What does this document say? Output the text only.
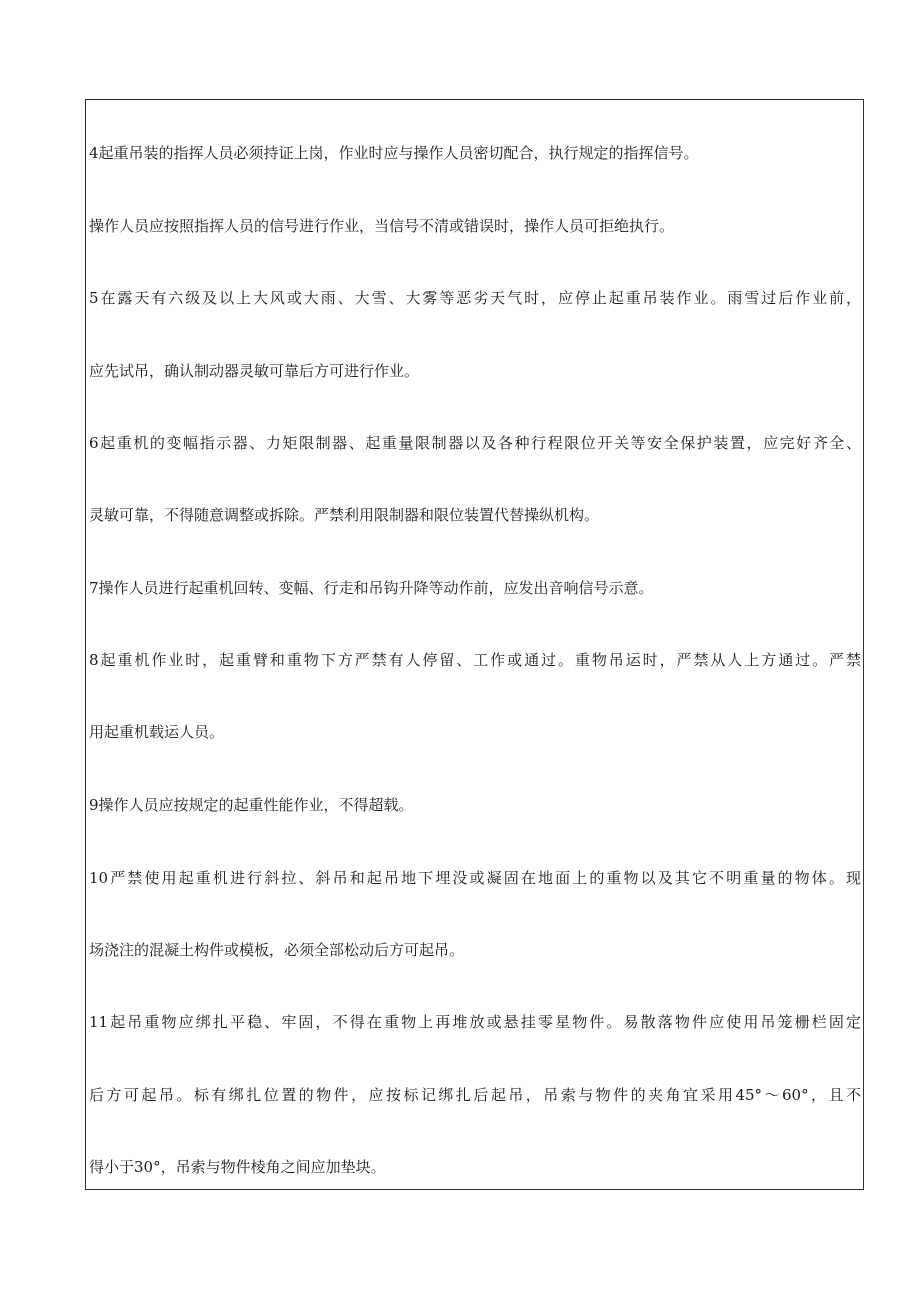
4起重吊装的指挥人员必须持证上岗，作业时应与操作人员密切配合，执行规定的指挥信号。
操作人员应按照指挥人员的信号进行作业，当信号不清或错误时，操作人员可拒绝执行。
5在露天有六级及以上大风或大雨、大雪、大雾等恶劣天气时，应停止起重吊装作业。雨雪过后作业前，
应先试吊，确认制动器灵敏可靠后方可进行作业。
6起重机的变幅指示器、力矩限制器、起重量限制器以及各种行程限位开关等安全保护装置，应完好齐全、
灵敏可靠，不得随意调整或拆除。严禁利用限制器和限位装置代替操纵机构。
7操作人员进行起重机回转、变幅、行走和吊钩升降等动作前，应发出音响信号示意。
8起重机作业时，起重臂和重物下方严禁有人停留、工作或通过。重物吊运时，严禁从人上方通过。严禁
用起重机载运人员。
9操作人员应按规定的起重性能作业，不得超载。
10严禁使用起重机进行斜拉、斜吊和起吊地下埋没或凝固在地面上的重物以及其它不明重量的物体。现
场浇注的混凝土构件或模板，必须全部松动后方可起吊。
11起吊重物应绑扎平稳、牢固，不得在重物上再堆放或悬挂零星物件。易散落物件应使用吊笼栅栏固定
后方可起吊。标有绑扎位置的物件，应按标记绑扎后起吊，吊索与物件的夹角宜采用45°～60°，且不
得小于30°，吊索与物件棱角之间应加垫块。
